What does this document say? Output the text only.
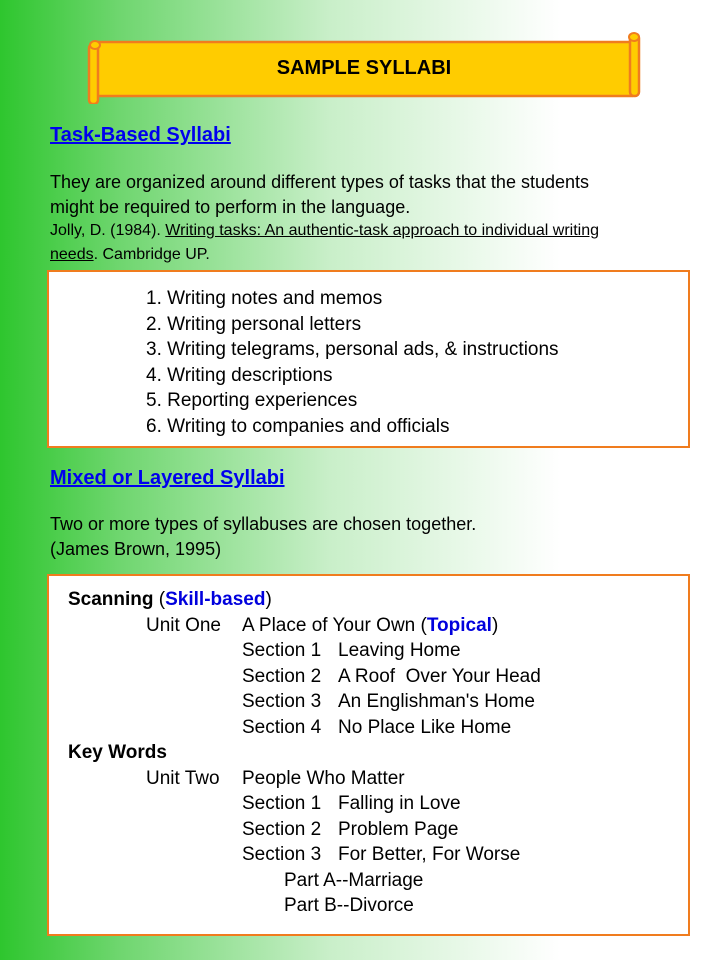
SAMPLE SYLLABI
Task-Based Syllabi
They are organized around different types of tasks that the students
might be required to perform in the language.
Jolly, D. (1984). Writing tasks: An authentic-task approach to individual writing
needs. Cambridge UP.
1. Writing notes and memos
2. Writing personal letters
3. Writing telegrams, personal ads, & instructions
4. Writing descriptions
5. Reporting experiences
6. Writing to companies and officials
Mixed or Layered Syllabi
Two or more types of syllabuses are chosen together.
(James Brown, 1995)
Scanning (Skill-based)
Unit One A Place of Your Own (Topical)
Section 1 Leaving Home
Section 2 A Roof  Over Your Head
Section 3 An Englishman's Home
Section 4 No Place Like Home
Key Words
Unit Two People Who Matter
Section 1 Falling in Love
Section 2 Problem Page
Section 3 For Better, For Worse
Part A--Marriage
Part B--Divorce
